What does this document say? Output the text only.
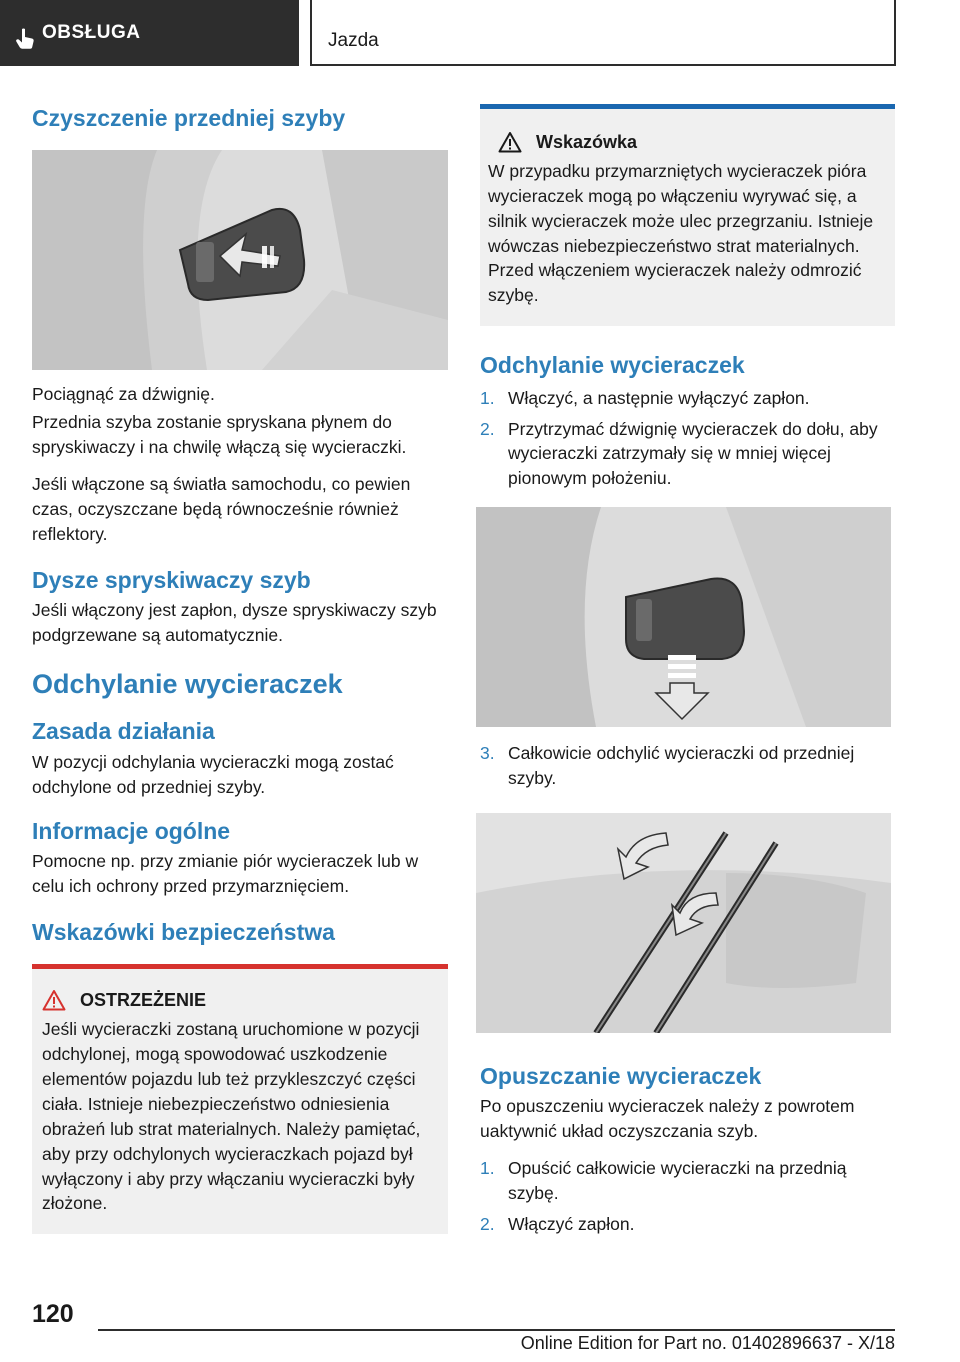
OBSŁUGA	Jazda
Czyszczenie przedniej szyby

Pociągnąć za dźwignię.

Przednia szyba zostanie spryskana płynem do spryskiwaczy i na chwilę włączą się wycieraczki.

Jeśli włączone są światła samochodu, co pewien czas, oczyszczane będą równocześnie również reflektory.

Dysze spryskiwaczy szyb

Jeśli włączony jest zapłon, dysze spryskiwaczy szyb podgrzewane są automatycznie.

Odchylanie wycieraczek
Zasada działania

W pozycji odchylania wycieraczki mogą zostać odchylone od przedniej szyby.

Informacje ogólne

Pomocne np. przy zmianie piór wycieraczek lub w celu ich ochrony przed przymarznięciem.

Wskazówki bezpieczeństwa
OSTRZEŻENIE

Jeśli wycieraczki zostaną uruchomione w pozycji odchylonej, mogą spowodować uszkodzenie elementów pojazdu lub też przykleszczyć części ciała. Istnieje niebezpieczeństwo odniesienia obrażeń lub strat materialnych. Należy pamiętać, aby przy odchylonych wycieraczkach pojazd był wyłączony i aby przy włączaniu wycieraczki były złożone.

Wskazówka

W przypadku przymarzniętych wycieraczek pióra wycieraczek mogą po włączeniu wyrywać się, a silnik wycieraczek może ulec przegrzaniu. Istnieje wówczas niebezpieczeństwo strat materialnych. Przed włączeniem wycieraczek należy odmrozić szybę.

Odchylanie wycieraczek
1. Włączyć, a następnie wyłączyć zapłon.
2. Przytrzymać dźwignię wycieraczek do dołu, aby wycieraczki zatrzymały się w mniej więcej pionowym położeniu.
3. Całkowicie odchylić wycieraczki od przedniej szyby.
Opuszczanie wycieraczek

Po opuszczeniu wycieraczek należy z powrotem uaktywnić układ oczyszczania szyb.

1. Opuścić całkowicie wycieraczki na przednią szybę.
2. Włączyć zapłon.
120
Online Edition for Part no. 01402896637 - X/18
